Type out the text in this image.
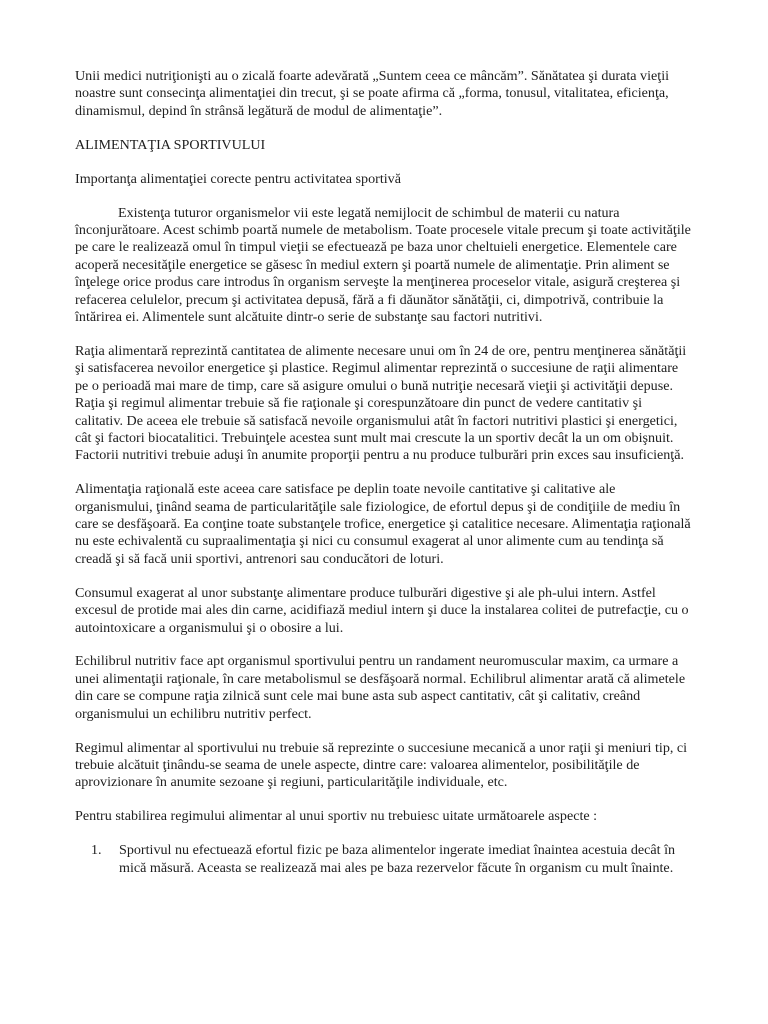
Unii medici nutriţionişti au o zicală foarte adevărată „Suntem ceea ce mâncăm”. Sănătatea şi durata vieţii noastre sunt consecinţa alimentaţiei din trecut, şi se poate afirma că „forma, tonusul, vitalitatea, eficienţa, dinamismul, depind în strânsă legătură de modul de alimentaţie”.

ALIMENTAŢIA SPORTIVULUI

Importanţa alimentaţiei corecte pentru activitatea sportivă

Existenţa tuturor organismelor vii este legată nemijlocit de schimbul de materii cu natura înconjurătoare. Acest schimb poartă numele de metabolism. Toate procesele vitale precum şi toate activităţile pe care le realizează omul în timpul vieţii se efectuează pe baza unor cheltuieli energetice. Elementele care acoperă necesităţile energetice se găsesc în mediul extern şi poartă numele de alimentaţie. Prin aliment se înţelege orice produs care introdus în organism serveşte la menţinerea proceselor vitale, asigură creşterea şi refacerea celulelor, precum şi activitatea depusă, fără a fi dăunător sănătăţii, ci, dimpotrivă, contribuie la întărirea ei. Alimentele sunt alcătuite dintr-o serie de substanţe sau factori nutritivi.

Raţia alimentară reprezintă cantitatea de alimente necesare unui om în 24 de ore, pentru menţinerea sănătăţii şi satisfacerea nevoilor energetice şi plastice. Regimul alimentar reprezintă o succesiune de raţii alimentare pe o perioadă mai mare de timp, care să asigure omului o bună nutriţie necesară vieţii şi activităţii depuse. Raţia şi regimul alimentar trebuie să fie raţionale şi corespunzătoare din punct de vedere cantitativ şi calitativ. De aceea ele trebuie să satisfacă nevoile organismului atât în factori nutritivi plastici şi energetici, cât şi factori biocatalitici. Trebuinţele acestea sunt mult mai crescute la un sportiv decât la un om obişnuit. Factorii nutritivi trebuie aduşi în anumite proporţii pentru a nu produce tulburări prin exces sau insuficienţă.

Alimentaţia raţională este aceea care satisface pe deplin toate nevoile cantitative şi calitative ale organismului, ţinând seama de particularităţile sale fiziologice, de efortul depus şi de condiţiile de mediu în care se desfăşoară. Ea conţine toate substanţele trofice, energetice şi catalitice necesare. Alimentaţia raţională nu este echivalentă cu supraalimentaţia şi nici cu consumul exagerat al unor alimente cum au tendinţa să creadă şi să facă unii sportivi, antrenori sau conducători de loturi.

Consumul exagerat al unor substanţe alimentare produce tulburări digestive şi ale ph-ului intern. Astfel excesul de protide mai ales din carne, acidifiază mediul intern şi duce la instalarea colitei de putrefacţie, cu o autointoxicare a organismului şi o obosire a lui.

Echilibrul nutritiv face apt organismul sportivului pentru un randament neuromuscular maxim, ca urmare a unei alimentaţii raţionale, în care metabolismul se desfăşoară normal. Echilibrul alimentar arată că alimetele din care se compune raţia zilnică sunt cele mai bune asta sub aspect cantitativ, cât şi calitativ, creând organismului un echilibru nutritiv perfect.

Regimul alimentar al sportivului nu trebuie să reprezinte o succesiune mecanică a unor raţii şi meniuri tip, ci trebuie alcătuit ţinându-se seama de unele aspecte, dintre care: valoarea alimentelor, posibilităţile de aprovizionare în anumite sezoane şi regiuni, particularităţile individuale, etc.

Pentru stabilirea regimului alimentar al unui sportiv nu trebuiesc uitate următoarele aspecte :

1. Sportivul nu efectuează efortul fizic pe baza alimentelor ingerate imediat înaintea acestuia decât în mică măsură. Aceasta se realizează mai ales pe baza rezervelor făcute în organism cu mult înainte.
